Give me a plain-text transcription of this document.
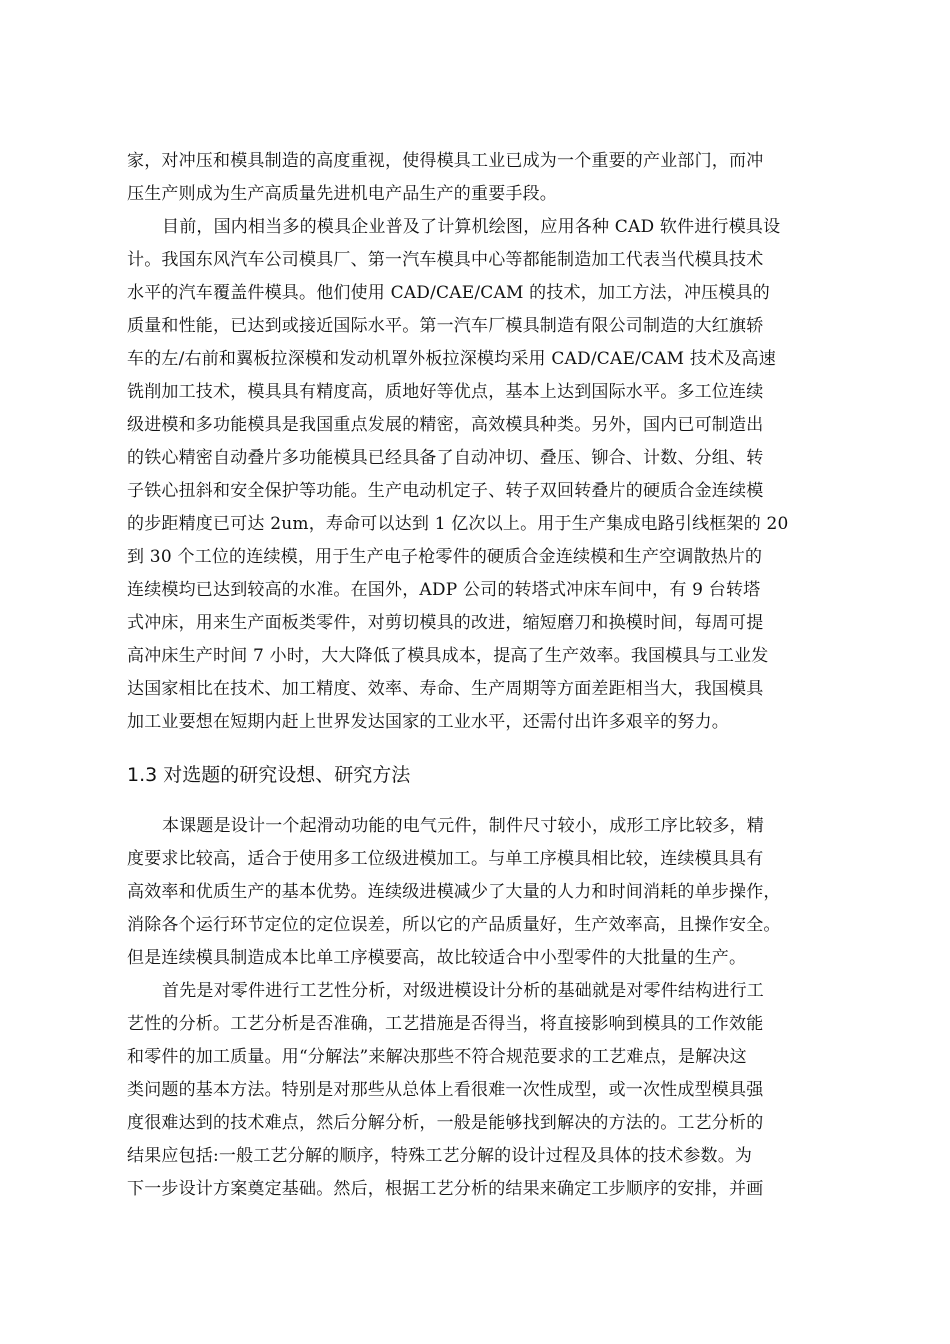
家，对冲压和模具制造的高度重视，使得模具工业已成为一个重要的产业部门，而冲
压生产则成为生产高质量先进机电产品生产的重要手段。
目前，国内相当多的模具企业普及了计算机绘图，应用各种 CAD 软件进行模具设
计。我国东风汽车公司模具厂、第一汽车模具中心等都能制造加工代表当代模具技术
水平的汽车覆盖件模具。他们使用 CAD/CAE/CAM 的技术，加工方法，冲压模具的
质量和性能，已达到或接近国际水平。第一汽车厂模具制造有限公司制造的大红旗轿
车的左/右前和翼板拉深模和发动机罩外板拉深模均采用 CAD/CAE/CAM 技术及高速
铣削加工技术，模具具有精度高，质地好等优点，基本上达到国际水平。多工位连续
级进模和多功能模具是我国重点发展的精密，高效模具种类。另外，国内已可制造出
的铁心精密自动叠片多功能模具已经具备了自动冲切、叠压、铆合、计数、分组、转
子铁心扭斜和安全保护等功能。生产电动机定子、转子双回转叠片的硬质合金连续模
的步距精度已可达 2um，寿命可以达到 1 亿次以上。用于生产集成电路引线框架的 20
到 30 个工位的连续模，用于生产电子枪零件的硬质合金连续模和生产空调散热片的
连续模均已达到较高的水准。在国外，ADP 公司的转塔式冲床车间中，有 9 台转塔
式冲床，用来生产面板类零件，对剪切模具的改进，缩短磨刀和换模时间，每周可提
高冲床生产时间 7 小时，大大降低了模具成本，提高了生产效率。我国模具与工业发
达国家相比在技术、加工精度、效率、寿命、生产周期等方面差距相当大，我国模具
加工业要想在短期内赶上世界发达国家的工业水平，还需付出许多艰辛的努力。
1.3 对选题的研究设想、研究方法
本课题是设计一个起滑动功能的电气元件，制件尺寸较小，成形工序比较多，精
度要求比较高，适合于使用多工位级进模加工。与单工序模具相比较，连续模具具有
高效率和优质生产的基本优势。连续级进模减少了大量的人力和时间消耗的单步操作，
消除各个运行环节定位的定位误差，所以它的产品质量好，生产效率高，且操作安全。
但是连续模具制造成本比单工序模要高，故比较适合中小型零件的大批量的生产。
首先是对零件进行工艺性分析，对级进模设计分析的基础就是对零件结构进行工
艺性的分析。工艺分析是否准确，工艺措施是否得当，将直接影响到模具的工作效能
和零件的加工质量。用“分解法”来解决那些不符合规范要求的工艺难点，是解决这
类问题的基本方法。特别是对那些从总体上看很难一次性成型，或一次性成型模具强
度很难达到的技术难点，然后分解分析，一般是能够找到解决的方法的。工艺分析的
结果应包括:一般工艺分解的顺序，特殊工艺分解的设计过程及具体的技术参数。为
下一步设计方案奠定基础。然后，根据工艺分析的结果来确定工步顺序的安排，并画
